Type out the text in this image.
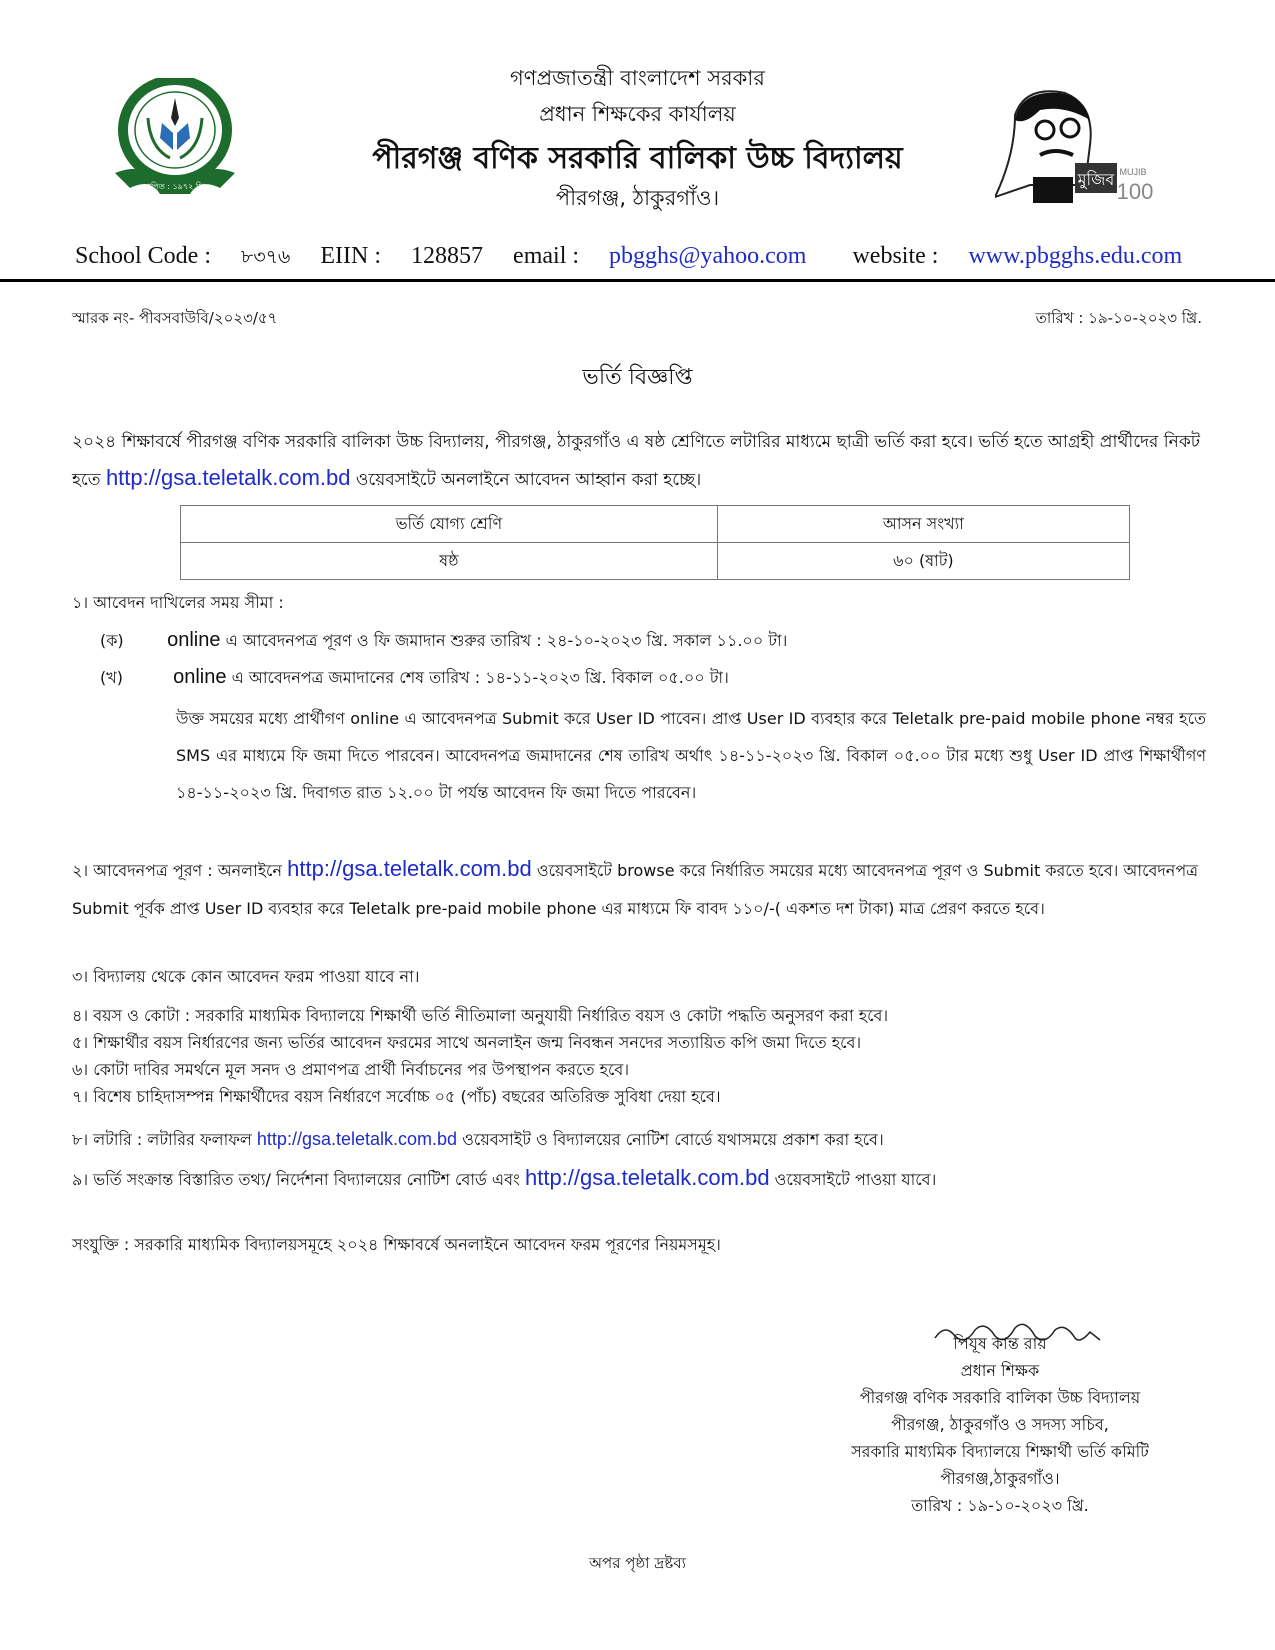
স্থাপিত : ১৯৭২ খ্রি.	মুজিব MUJIB
100
গণপ্রজাতন্ত্রী বাংলাদেশ সরকার
প্রধান শিক্ষকের কার্যালয়
পীরগঞ্জ বণিক সরকারি বালিকা উচ্চ বিদ্যালয়
পীরগঞ্জ, ঠাকুরগাঁও।
School Code : ৮৩৭৬ EIIN : 128857 email : pbgghs@yahoo.com website : www.pbgghs.edu.com
স্মারক নং- পীবসবাউবি/২০২৩/৫৭	তারিখ : ১৯-১০-২০২৩ খ্রি.
ভর্তি বিজ্ঞপ্তি
২০২৪ শিক্ষাবর্ষে পীরগঞ্জ বণিক সরকারি বালিকা উচ্চ বিদ্যালয়, পীরগঞ্জ, ঠাকুরগাঁও এ ষষ্ঠ শ্রেণিতে লটারির মাধ্যমে ছাত্রী ভর্তি করা হবে। ভর্তি হতে আগ্রহী প্রার্থীদের নিকট হতে http://gsa.teletalk.com.bd ওয়েবসাইটে অনলাইনে আবেদন আহ্বান করা হচ্ছে।
ভর্তি যোগ্য শ্রেণি	আসন সংখ্যা
ষষ্ঠ	৬০ (ষাট)
১। আবেদন দাখিলের সময় সীমা :
(ক) online এ আবেদনপত্র পূরণ ও ফি জমাদান শুরুর তারিখ : ২৪-১০-২০২৩ খ্রি. সকাল ১১.০০ টা।
(খ)	online এ আবেদনপত্র জমাদানের শেষ তারিখ : ১৪-১১-২০২৩ খ্রি. বিকাল ০৫.০০ টা।
উক্ত সময়ের মধ্যে প্রার্থীগণ online এ আবেদনপত্র Submit করে User ID পাবেন। প্রাপ্ত User ID ব্যবহার করে Teletalk pre-paid mobile phone নম্বর হতে SMS এর মাধ্যমে ফি জমা দিতে পারবেন। আবেদনপত্র জমাদানের শেষ তারিখ অর্থাৎ ১৪-১১-২০২৩ খ্রি. বিকাল ০৫.০০ টার মধ্যে শুধু User ID প্রাপ্ত শিক্ষার্থীগণ ১৪-১১-২০২৩ খ্রি. দিবাগত রাত ১২.০০ টা পর্যন্ত আবেদন ফি জমা দিতে পারবেন।
২। আবেদনপত্র পূরণ : অনলাইনে http://gsa.teletalk.com.bd ওয়েবসাইটে browse করে নির্ধারিত সময়ের মধ্যে আবেদনপত্র পূরণ ও Submit করতে হবে। আবেদনপত্র Submit পূর্বক প্রাপ্ত User ID ব্যবহার করে Teletalk pre-paid mobile phone এর মাধ্যমে ফি বাবদ ১১০/-( একশত দশ টাকা) মাত্র প্রেরণ করতে হবে।
৩। বিদ্যালয় থেকে কোন আবেদন ফরম পাওয়া যাবে না।
৪। বয়স ও কোটা : সরকারি মাধ্যমিক বিদ্যালয়ে শিক্ষার্থী ভর্তি নীতিমালা অনুযায়ী নির্ধারিত বয়স ও কোটা পদ্ধতি অনুসরণ করা হবে।
৫। শিক্ষার্থীর বয়স নির্ধারণের জন্য ভর্তির আবেদন ফরমের সাথে অনলাইন জন্ম নিবন্ধন সনদের সত্যায়িত কপি জমা দিতে হবে।
৬। কোটা দাবির সমর্থনে মূল সনদ ও প্রমাণপত্র প্রার্থী নির্বাচনের পর উপস্থাপন করতে হবে।
৭। বিশেষ চাহিদাসম্পন্ন শিক্ষার্থীদের বয়স নির্ধারণে সর্বোচ্চ ০৫ (পাঁচ) বছরের অতিরিক্ত সুবিধা দেয়া হবে।
৮। লটারি : লটারির ফলাফল http://gsa.teletalk.com.bd ওয়েবসাইট ও বিদ্যালয়ের নোটিশ বোর্ডে যথাসময়ে প্রকাশ করা হবে।
৯। ভর্তি সংক্রান্ত বিস্তারিত তথ্য/ নির্দেশনা বিদ্যালয়ের নোটিশ বোর্ড এবং http://gsa.teletalk.com.bd ওয়েবসাইটে পাওয়া যাবে।
সংযুক্তি : সরকারি মাধ্যমিক বিদ্যালয়সমূহে ২০২৪ শিক্ষাবর্ষে অনলাইনে আবেদন ফরম পূরণের নিয়মসমূহ।
পিযূষ কান্ত রায়
প্রধান শিক্ষক
পীরগঞ্জ বণিক সরকারি বালিকা উচ্চ বিদ্যালয়
পীরগঞ্জ, ঠাকুরগাঁও ও সদস্য সচিব,
সরকারি মাধ্যমিক বিদ্যালয়ে শিক্ষার্থী ভর্তি কমিটি
পীরগঞ্জ,ঠাকুরগাঁও।
তারিখ : ১৯-১০-২০২৩ খ্রি.
অপর পৃষ্ঠা দ্রষ্টব্য
